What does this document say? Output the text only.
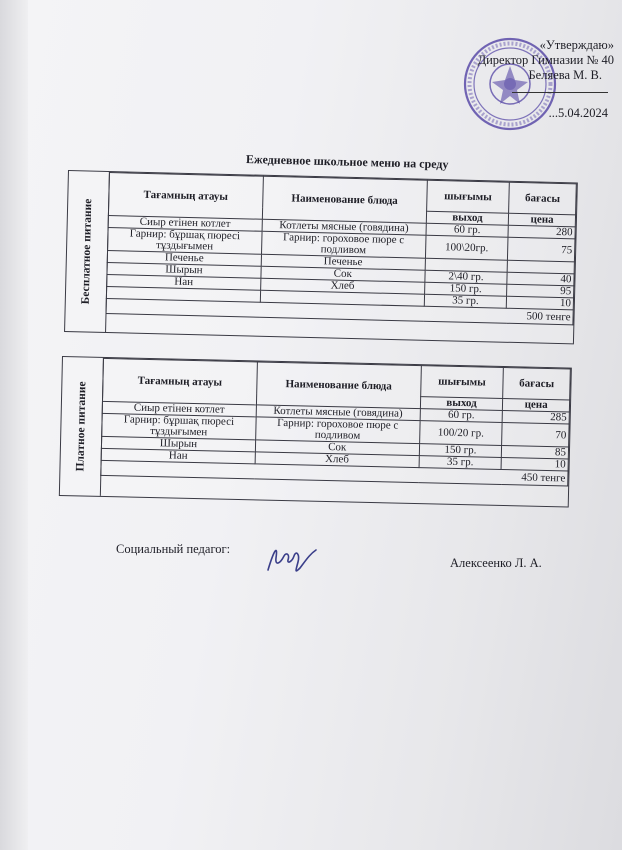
«Утверждаю»
Директор Гимназии № 40
Беляева М. В.
...5.04.2024
Ежедневное школьное меню на среду
Бесплатное питание
Тағамның атауы	Наименование блюда	шығымы	бағасы
		выход	цена
Сиыр етінен котлет	Котлеты мясные (говядина)	60 гр.	280
Гарнир: бұршақ пюресі тұздығымен	Гарнир: гороховое пюре с подливом	100\20гр.	75
Печенье	Печенье		
Шырын	Сок	2\40 гр.	40
Нан	Хлеб	150 гр.	95
		35 гр.	10
500 тенге			
Платное питание
Тағамның атауы	Наименование блюда	шығымы	бағасы
		выход	цена
Сиыр етінен котлет	Котлеты мясные (говядина)	60 гр.	285
Гарнир: бұршақ пюресі тұздығымен	Гарнир: гороховое пюре с подливом	100/20 гр.	70
Шырын	Сок	150 гр.	85
Нан	Хлеб	35 гр.	10
450 тенге			
Социальный педагог:
Алексеенко Л. А.
